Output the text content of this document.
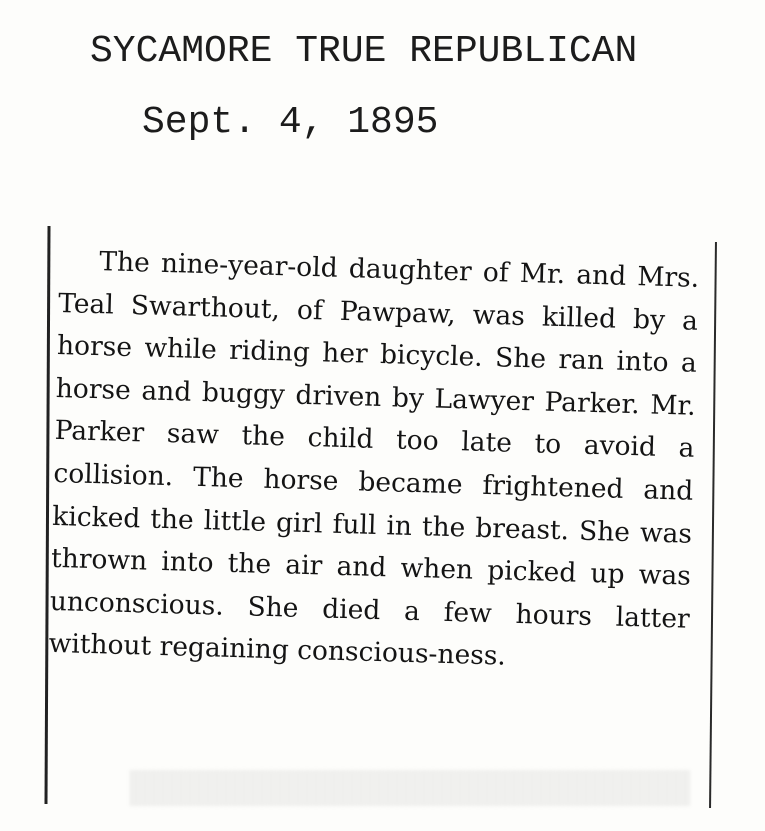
SYCAMORE TRUE REPUBLICAN
Sept. 4, 1895

The nine-year-old daughter of Mr. and Mrs. Teal Swarthout, of Pawpaw, was killed by a horse while riding her bicycle. She ran into a horse and buggy driven by Lawyer Parker. Mr. Parker saw the child too late to avoid a collision. The horse became frightened and kicked the little girl full in the breast. She was thrown into the air and when picked up was unconscious. She died a few hours latter without regaining conscious-ness.
